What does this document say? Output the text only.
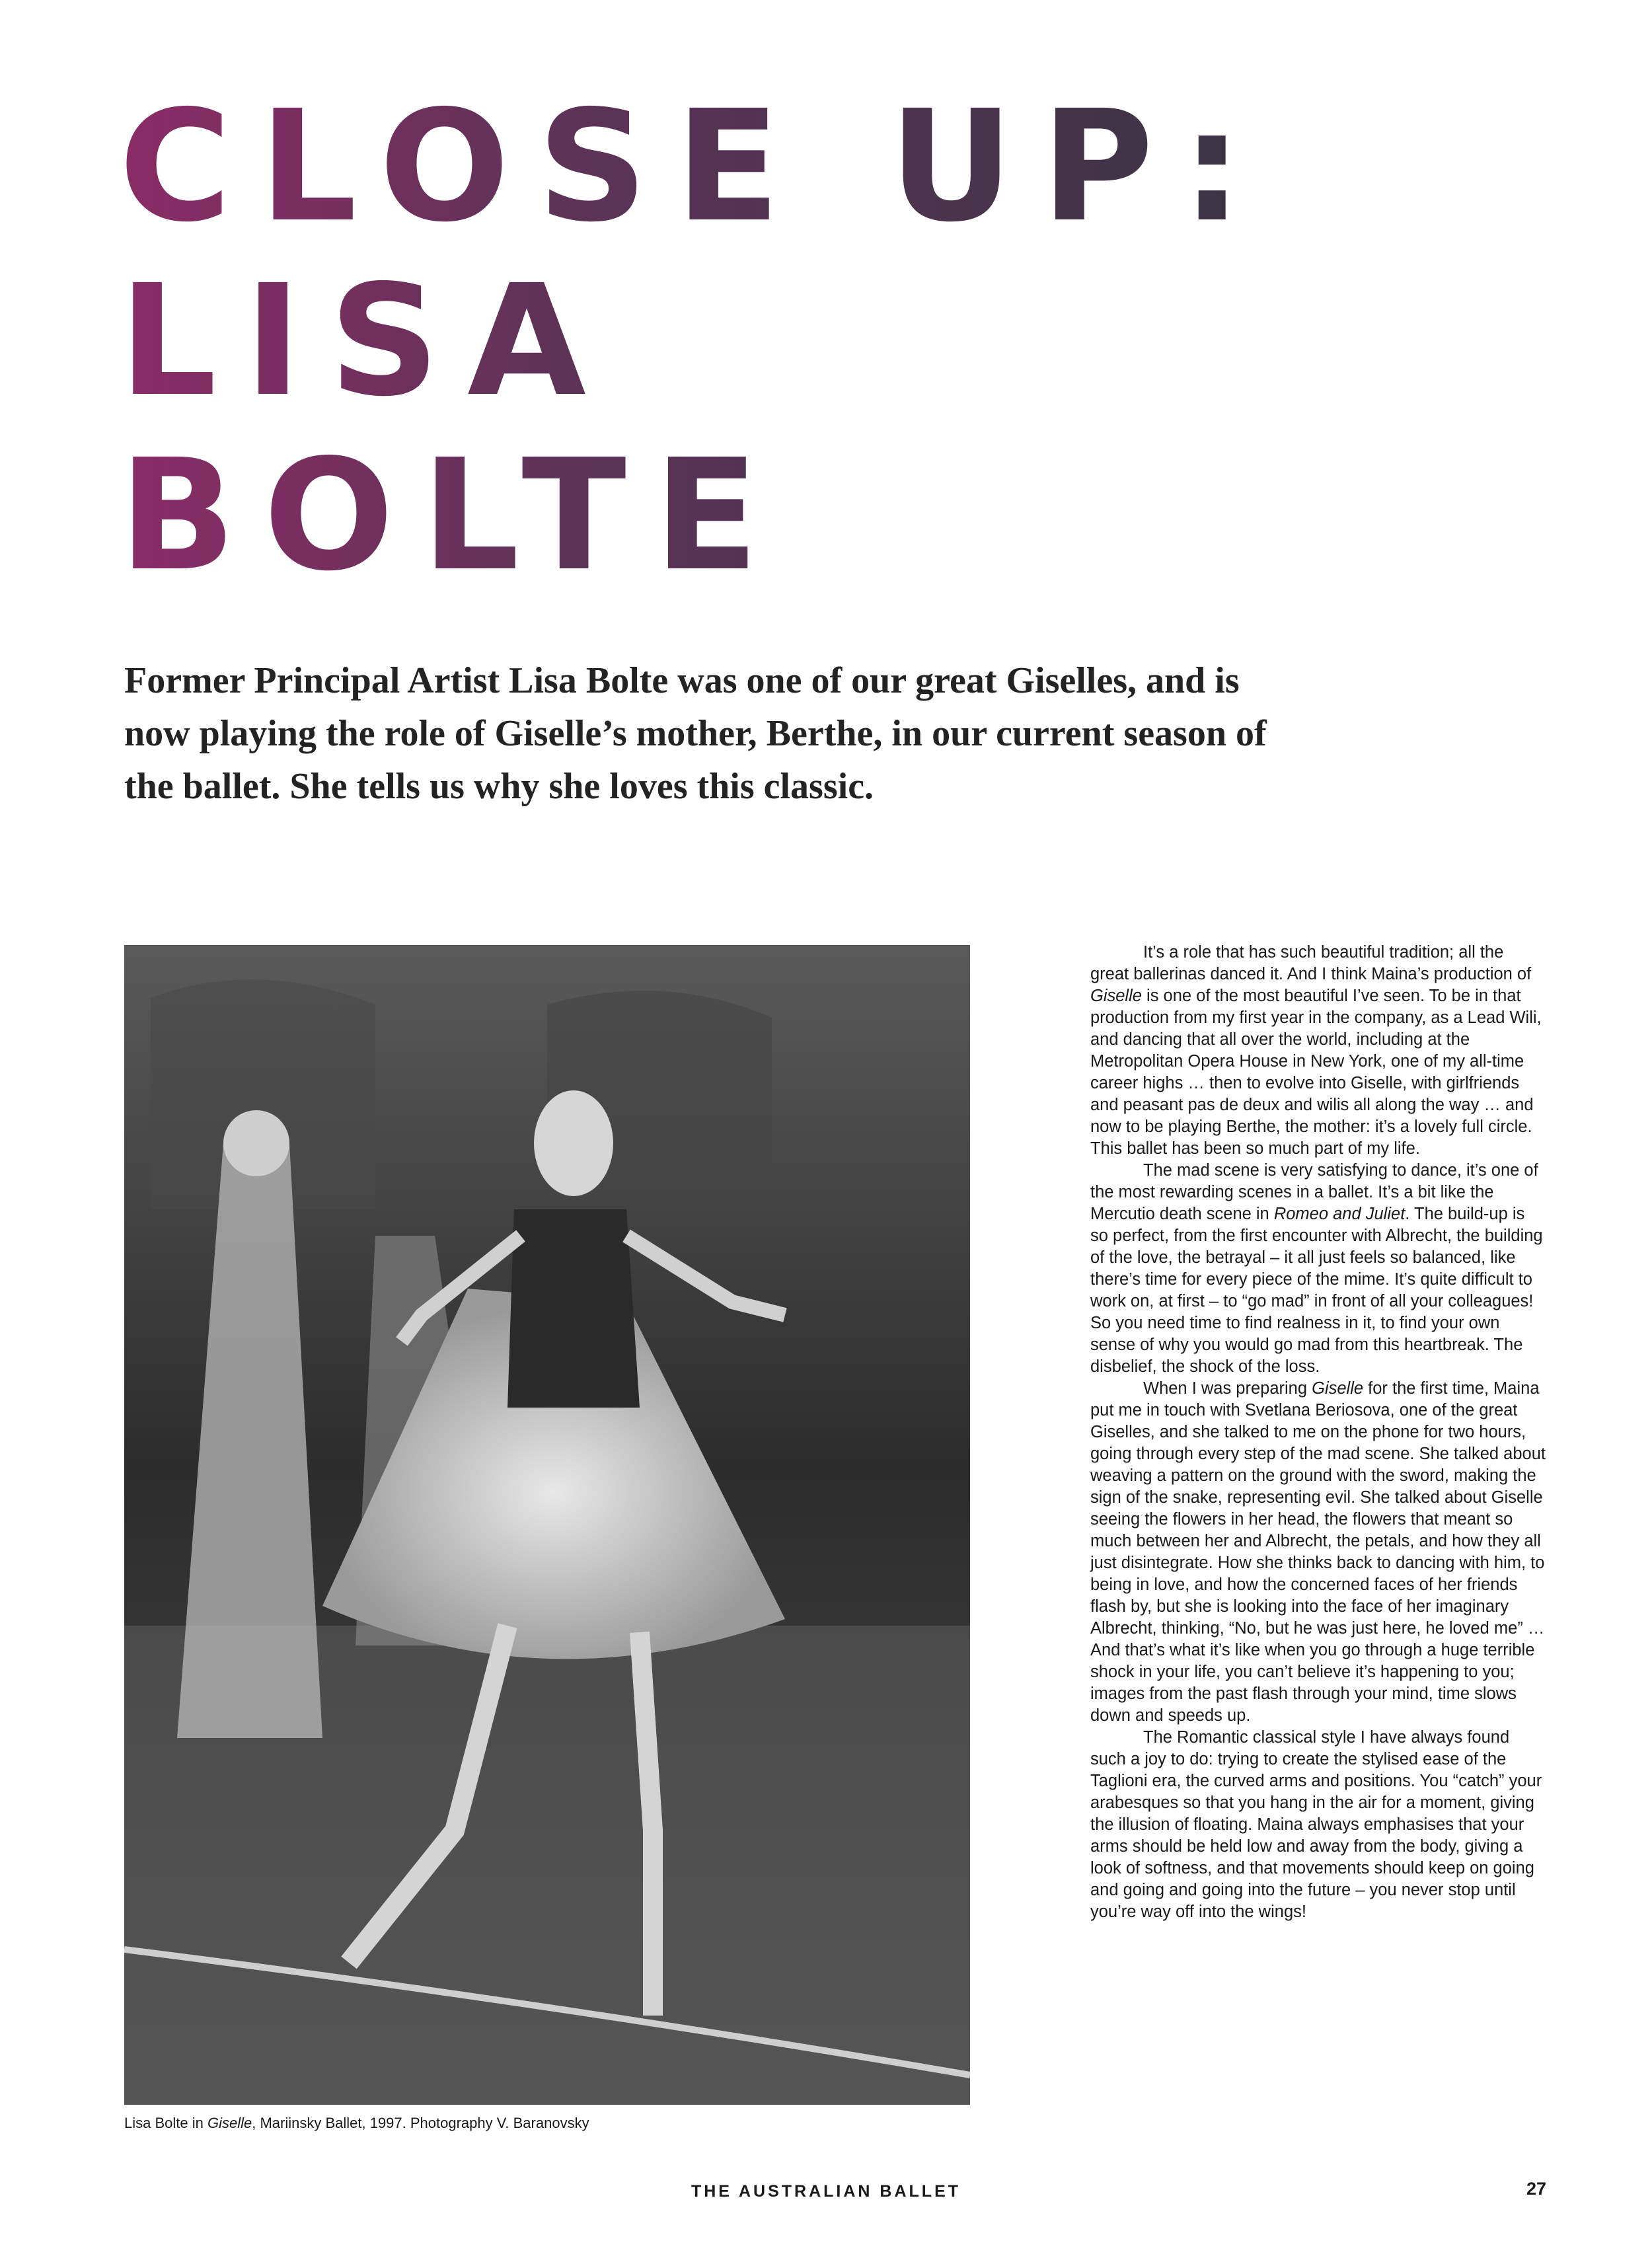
CLOSE UP:
LISA
BOLTE

Former Principal Artist Lisa Bolte was one of our great Giselles, and is now playing the role of Giselle’s mother, Berthe, in our current season of the ballet. She tells us why she loves this classic.

Lisa Bolte in Giselle, Mariinsky Ballet, 1997. Photography V. Baranovsky

It’s a role that has such beautiful tradition; all the great ballerinas danced it. And I think Maina’s production of Giselle is one of the most beautiful I’ve seen. To be in that production from my first year in the company, as a Lead Wili, and dancing that all over the world, including at the Metropolitan Opera House in New York, one of my all-time career highs … then to evolve into Giselle, with girlfriends and peasant pas de deux and wilis all along the way … and now to be playing Berthe, the mother: it’s a lovely full circle. This ballet has been so much part of my life.

The mad scene is very satisfying to dance, it’s one of the most rewarding scenes in a ballet. It’s a bit like the Mercutio death scene in Romeo and Juliet. The build-up is so perfect, from the first encounter with Albrecht, the building of the love, the betrayal – it all just feels so balanced, like there’s time for every piece of the mime. It’s quite difficult to work on, at first – to “go mad” in front of all your colleagues! So you need time to find realness in it, to find your own sense of why you would go mad from this heartbreak. The disbelief, the shock of the loss.

When I was preparing Giselle for the first time, Maina put me in touch with Svetlana Beriosova, one of the great Giselles, and she talked to me on the phone for two hours, going through every step of the mad scene. She talked about weaving a pattern on the ground with the sword, making the sign of the snake, representing evil. She talked about Giselle seeing the flowers in her head, the flowers that meant so much between her and Albrecht, the petals, and how they all just disintegrate. How she thinks back to dancing with him, to being in love, and how the concerned faces of her friends flash by, but she is looking into the face of her imaginary Albrecht, thinking, “No, but he was just here, he loved me” … And that’s what it’s like when you go through a huge terrible shock in your life, you can’t believe it’s happening to you; images from the past flash through your mind, time slows down and speeds up.

The Romantic classical style I have always found such a joy to do: trying to create the stylised ease of the Taglioni era, the curved arms and positions. You “catch” your arabesques so that you hang in the air for a moment, giving the illusion of floating. Maina always emphasises that your arms should be held low and away from the body, giving a look of softness, and that movements should keep on going and going and going into the future – you never stop until you’re way off into the wings!

THE AUSTRALIAN BALLET	27
